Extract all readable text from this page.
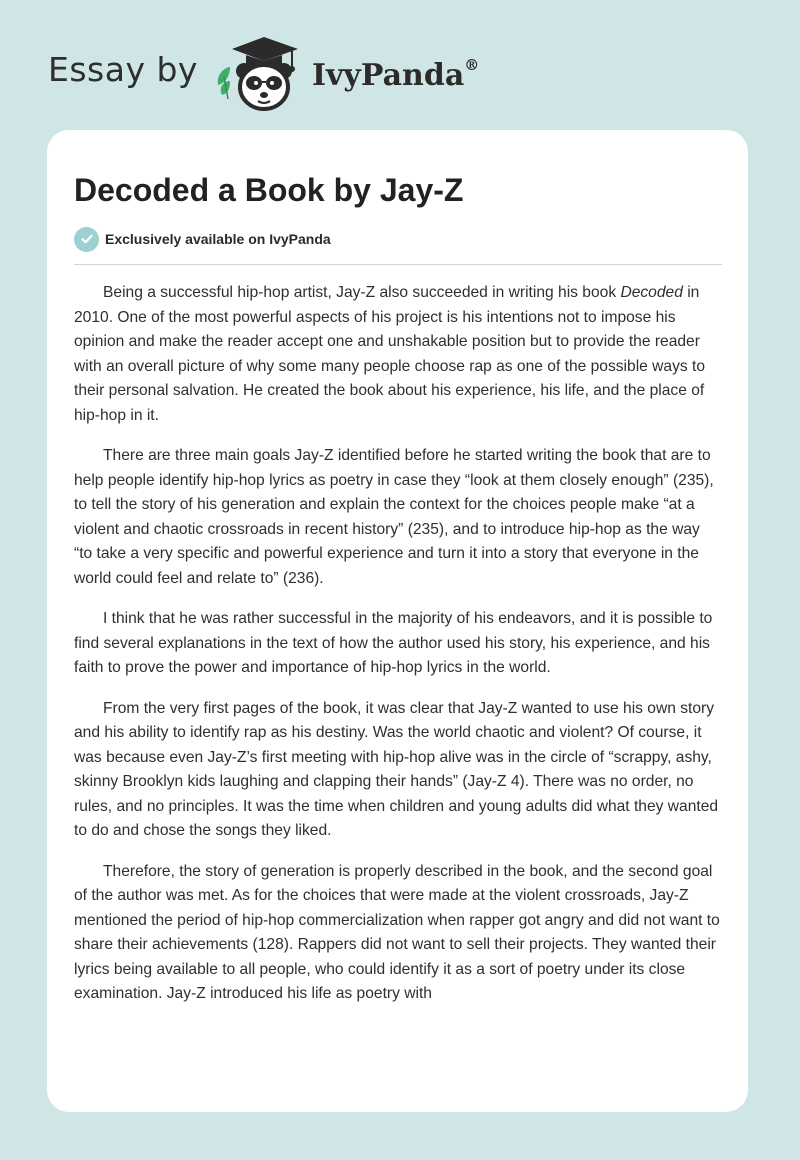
Essay by	IvyPanda®
Decoded a Book by Jay-Z
Exclusively available on IvyPanda

Being a successful hip-hop artist, Jay-Z also succeeded in writing his book Decoded in 2010. One of the most powerful aspects of his project is his intentions not to impose his opinion and make the reader accept one and unshakable position but to provide the reader with an overall picture of why some many people choose rap as one of the possible ways to their personal salvation. He created the book about his experience, his life, and the place of hip-hop in it.

There are three main goals Jay-Z identified before he started writing the book that are to help people identify hip-hop lyrics as poetry in case they “look at them closely enough” (235), to tell the story of his generation and explain the context for the choices people make “at a violent and chaotic crossroads in recent history” (235), and to introduce hip-hop as the way “to take a very specific and powerful experience and turn it into a story that everyone in the world could feel and relate to” (236).

I think that he was rather successful in the majority of his endeavors, and it is possible to find several explanations in the text of how the author used his story, his experience, and his faith to prove the power and importance of hip-hop lyrics in the world.

From the very first pages of the book, it was clear that Jay-Z wanted to use his own story and his ability to identify rap as his destiny. Was the world chaotic and violent? Of course, it was because even Jay-Z’s first meeting with hip-hop alive was in the circle of “scrappy, ashy, skinny Brooklyn kids laughing and clapping their hands” (Jay-Z 4). There was no order, no rules, and no principles. It was the time when children and young adults did what they wanted to do and chose the songs they liked.

Therefore, the story of generation is properly described in the book, and the second goal of the author was met. As for the choices that were made at the violent crossroads, Jay-Z mentioned the period of hip-hop commercialization when rapper got angry and did not want to share their achievements (128). Rappers did not want to sell their projects. They wanted their lyrics being available to all people, who could identify it as a sort of poetry under its close examination. Jay-Z introduced his life as poetry with
